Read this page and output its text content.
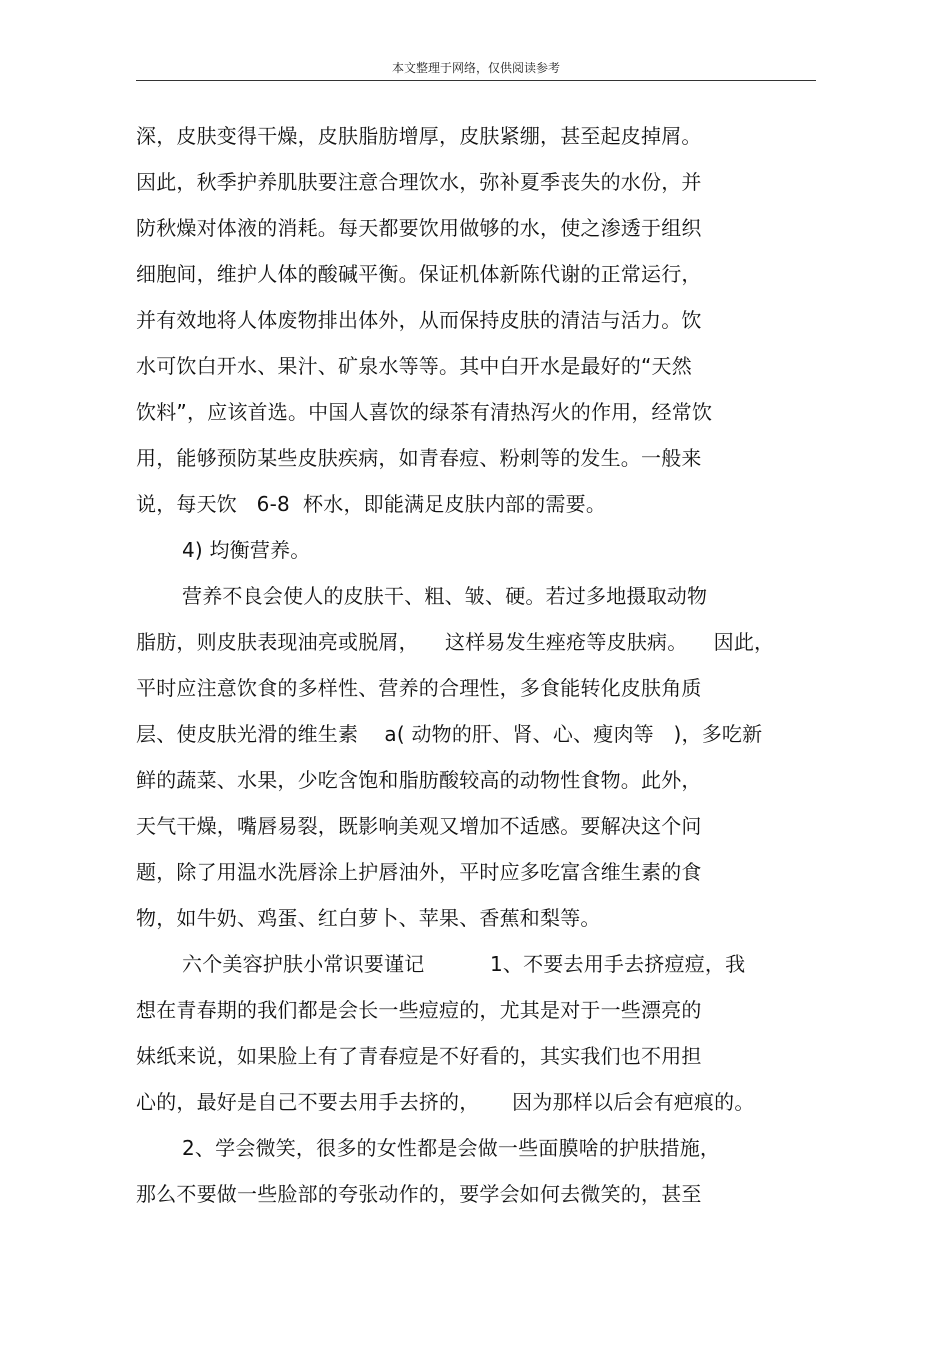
本文整理于网络，仅供阅读参考
深，皮肤变得干燥，皮肤脂肪增厚，皮肤紧绷，甚至起皮掉屑。
因此，秋季护养肌肤要注意合理饮水，弥补夏季丧失的水份，并
防秋燥对体液的消耗。每天都要饮用做够的水，使之渗透于组织
细胞间，维护人体的酸碱平衡。保证机体新陈代谢的正常运行，
并有效地将人体废物排出体外，从而保持皮肤的清洁与活力。饮
水可饮白开水、果汁、矿泉水等等。其中白开水是最好的“天然
饮料”，应该首选。中国人喜饮的绿茶有清热泻火的作用，经常饮
用，能够预防某些皮肤疾病，如青春痘、粉刺等的发生。一般来
说，每天饮   6-8  杯水，即能满足皮肤内部的需要。
4) 均衡营养。
营养不良会使人的皮肤干、粗、皱、硬。若过多地摄取动物
脂肪，则皮肤表现油亮或脱屑，    这样易发生痤疮等皮肤病。    因此，
平时应注意饮食的多样性、营养的合理性，多食能转化皮肤角质
层、使皮肤光滑的维生素    a( 动物的肝、肾、心、瘦肉等   )，多吃新
鲜的蔬菜、水果，少吃含饱和脂肪酸较高的动物性食物。此外，
天气干燥，嘴唇易裂，既影响美观又增加不适感。要解决这个问
题，除了用温水洗唇涂上护唇油外，平时应多吃富含维生素的食
物，如牛奶、鸡蛋、红白萝卜、苹果、香蕉和梨等。
六个美容护肤小常识要谨记          1、不要去用手去挤痘痘，我
想在青春期的我们都是会长一些痘痘的，尤其是对于一些漂亮的
妹纸来说，如果脸上有了青春痘是不好看的，其实我们也不用担
心的，最好是自己不要去用手去挤的，     因为那样以后会有疤痕的。
2、学会微笑，很多的女性都是会做一些面膜啥的护肤措施，
那么不要做一些脸部的夸张动作的，要学会如何去微笑的，甚至
